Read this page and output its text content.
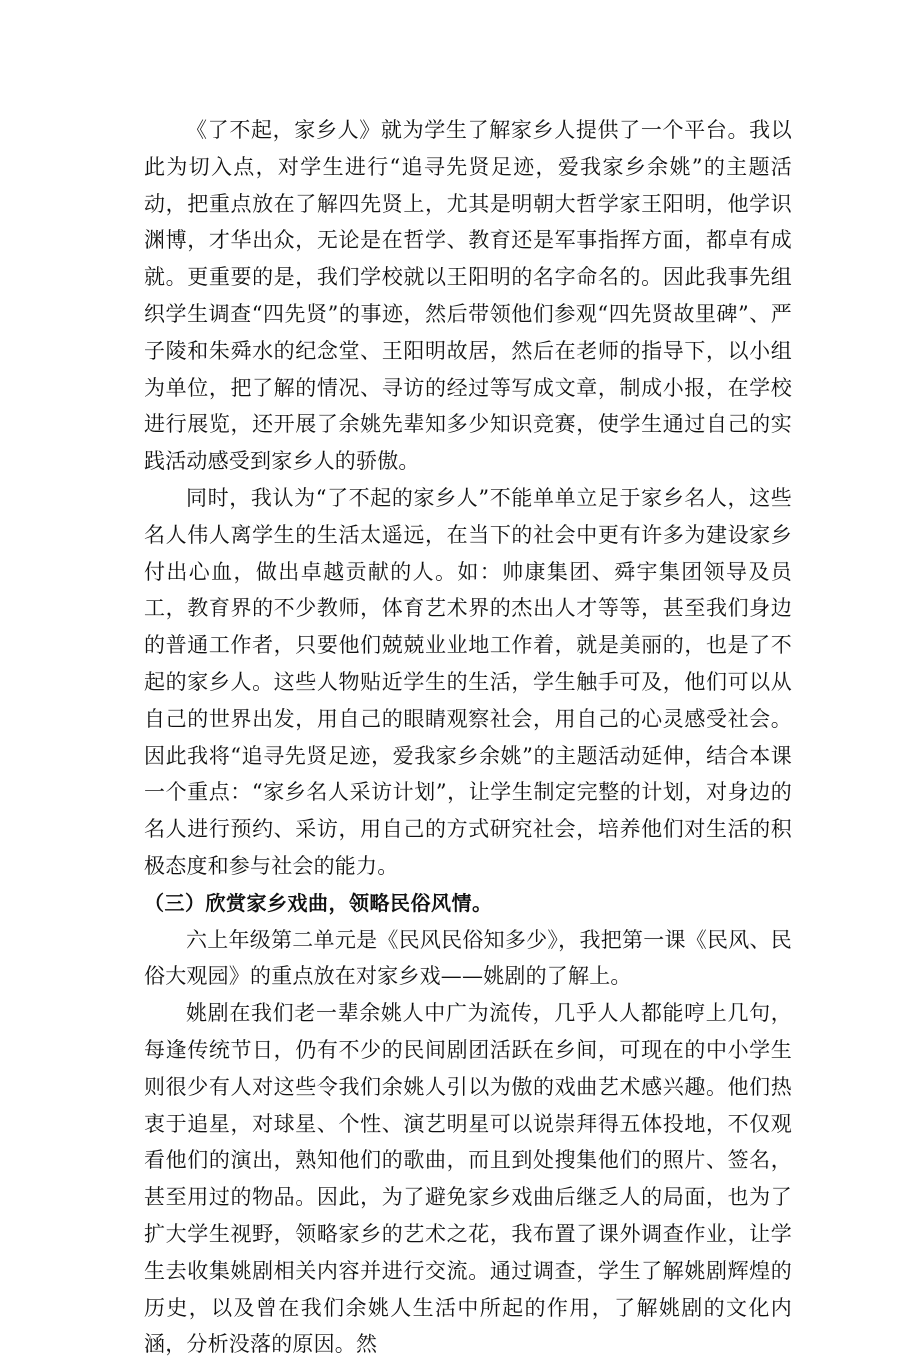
《了不起，家乡人》就为学生了解家乡人提供了一个平台。我以此为切入点，对学生进行“追寻先贤足迹，爱我家乡余姚”的主题活动，把重点放在了解四先贤上，尤其是明朝大哲学家王阳明，他学识渊博，才华出众，无论是在哲学、教育还是军事指挥方面，都卓有成就。更重要的是，我们学校就以王阳明的名字命名的。因此我事先组织学生调查“四先贤”的事迹，然后带领他们参观“四先贤故里碑”、严子陵和朱舜水的纪念堂、王阳明故居，然后在老师的指导下，以小组为单位，把了解的情况、寻访的经过等写成文章，制成小报，在学校进行展览，还开展了余姚先辈知多少知识竞赛，使学生通过自己的实践活动感受到家乡人的骄傲。

同时，我认为“了不起的家乡人”不能单单立足于家乡名人，这些名人伟人离学生的生活太遥远，在当下的社会中更有许多为建设家乡付出心血，做出卓越贡献的人。如：帅康集团、舜宇集团领导及员工，教育界的不少教师，体育艺术界的杰出人才等等，甚至我们身边的普通工作者，只要他们兢兢业业地工作着，就是美丽的，也是了不起的家乡人。这些人物贴近学生的生活，学生触手可及，他们可以从自己的世界出发，用自己的眼睛观察社会，用自己的心灵感受社会。因此我将“追寻先贤足迹，爱我家乡余姚”的主题活动延伸，结合本课一个重点：“家乡名人采访计划”，让学生制定完整的计划，对身边的名人进行预约、采访，用自己的方式研究社会，培养他们对生活的积极态度和参与社会的能力。

（三）欣赏家乡戏曲，领略民俗风情。

六上年级第二单元是《民风民俗知多少》，我把第一课《民风、民俗大观园》的重点放在对家乡戏——姚剧的了解上。

姚剧在我们老一辈余姚人中广为流传，几乎人人都能哼上几句，每逢传统节日，仍有不少的民间剧团活跃在乡间，可现在的中小学生则很少有人对这些令我们余姚人引以为傲的戏曲艺术感兴趣。他们热衷于追星，对球星、个性、演艺明星可以说崇拜得五体投地，不仅观看他们的演出，熟知他们的歌曲，而且到处搜集他们的照片、签名，甚至用过的物品。因此，为了避免家乡戏曲后继乏人的局面，也为了扩大学生视野，领略家乡的艺术之花，我布置了课外调查作业，让学生去收集姚剧相关内容并进行交流。通过调查，学生了解姚剧辉煌的历史，以及曾在我们余姚人生活中所起的作用，了解姚剧的文化内涵，分析没落的原因。然
